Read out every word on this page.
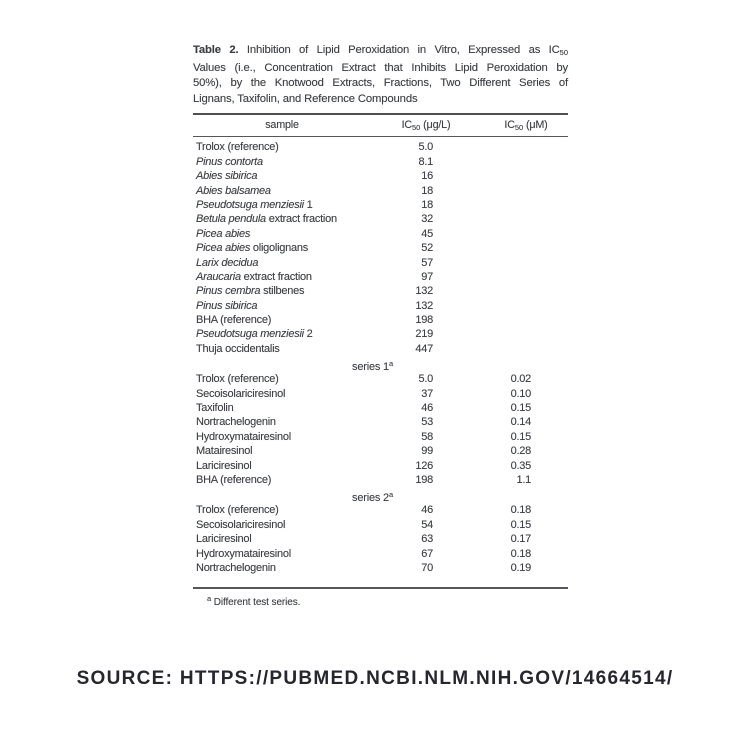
Table 2. Inhibition of Lipid Peroxidation in Vitro, Expressed as $IC_{50}$
Values (i.e., Concentration Extract that Inhibits Lipid Peroxidation by
50%), by the Knotwood Extracts, Fractions, Two Different Series of
Lignans, Taxifolin, and Reference Compounds
sample	$IC_{50}$ (μg/L)	$IC_{50}$ (μM)
Trolox (reference)	5.0
Pinus contorta	8.1
Abies sibirica	16
Abies balsamea	18
Pseudotsuga menziesii 1	18
Betula pendula extract fraction	32
Picea abies	45
Picea abies oligolignans	52
Larix decidua	57
Araucaria extract fraction	97
Pinus cembra stilbenes	132
Pinus sibirica	132
BHA (reference)	198
Pseudotsuga menziesii 2	219
Thuja occidentalis	447
series 1$^a$
Trolox (reference)	5.0	0.02
Secoisolariciresinol	37	0.10
Taxifolin	46	0.15
Nortrachelogenin	53	0.14
Hydroxymatairesinol	58	0.15
Matairesinol	99	0.28
Lariciresinol	126	0.35
BHA (reference)	198	1.1
series 2$^a$
Trolox (reference)	46	0.18
Secoisolariciresinol	54	0.15
Lariciresinol	63	0.17
Hydroxymatairesinol	67	0.18
Nortrachelogenin	70	0.19
$^a$ Different test series.
SOURCE: HTTPS://PUBMED.NCBI.NLM.NIH.GOV/14664514/
